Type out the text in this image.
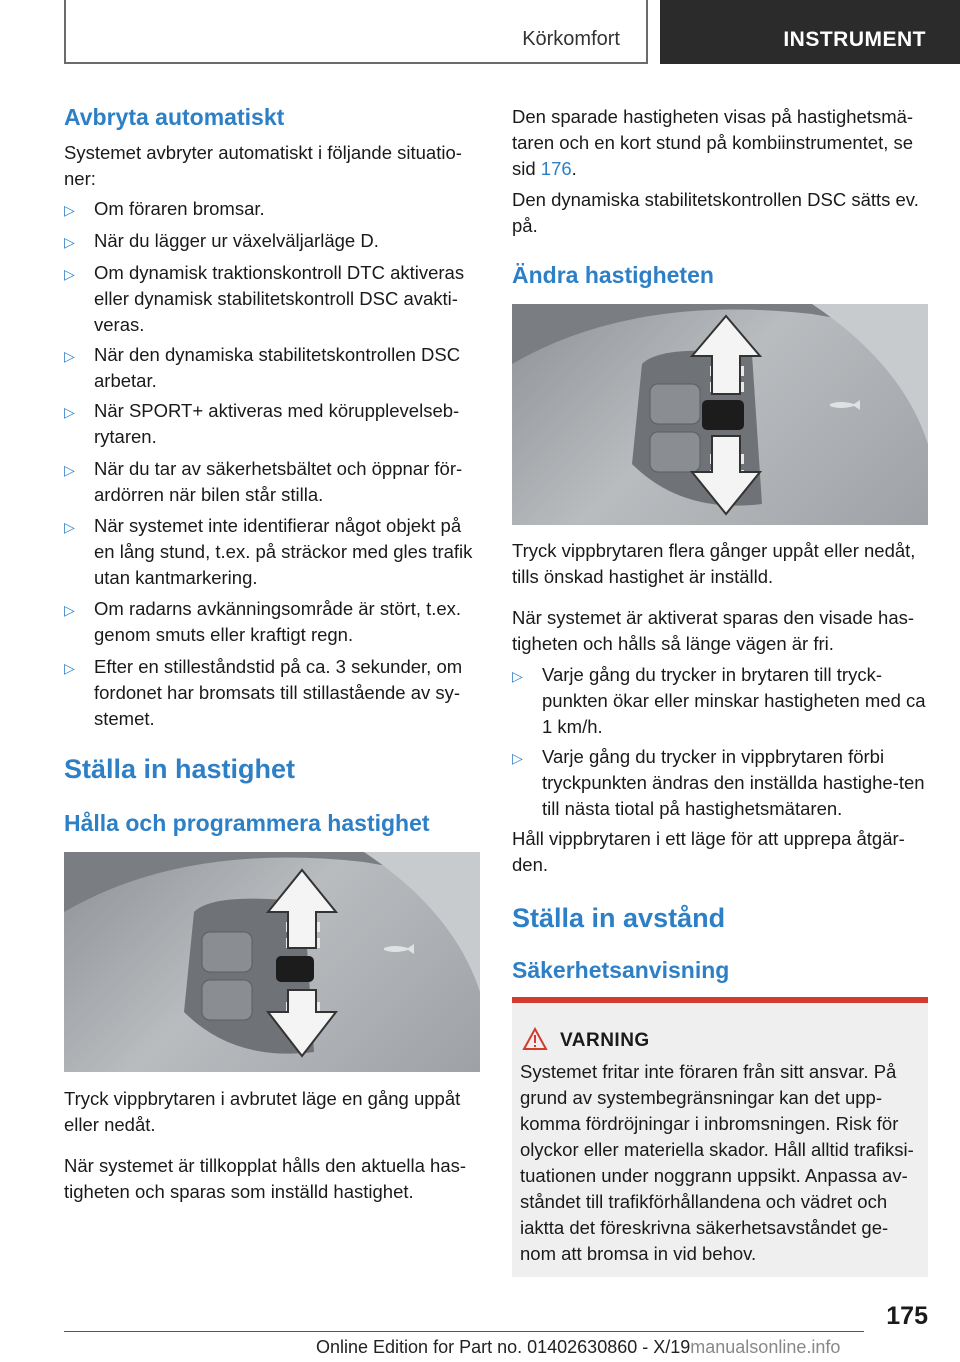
Körkomfort	INSTRUMENT
Avbryta automatiskt
Systemet avbryter automatiskt i följande situatio-ner:
▷ Om föraren bromsar.
▷ När du lägger ur växelväljarläge D.
▷ Om dynamisk traktionskontroll DTC aktiveras eller dynamisk stabilitetskontroll DSC avakti-veras.
▷ När den dynamiska stabilitetskontrollen DSC arbetar.
▷ När SPORT+ aktiveras med körupplevelseb-rytaren.
▷ När du tar av säkerhetsbältet och öppnar för-ardörren när bilen står stilla.
▷ När systemet inte identifierar något objekt på en lång stund, t.ex. på sträckor med gles trafik utan kantmarkering.
▷ Om radarns avkänningsområde är stört, t.ex. genom smuts eller kraftigt regn.
▷ Efter en stilleståndstid på ca. 3 sekunder, om fordonet har bromsats till stillastående av sy-stemet.
Ställa in hastighet
Hålla och programmera hastighet
Tryck vippbrytaren i avbrutet läge en gång uppåt eller nedåt.
När systemet är tillkopplat hålls den aktuella has-tigheten och sparas som inställd hastighet.
Den sparade hastigheten visas på hastighetsmä-taren och en kort stund på kombiinstrumentet, se sid 176.
Den dynamiska stabilitetskontrollen DSC sätts ev. på.
Ändra hastigheten
Tryck vippbrytaren flera gånger uppåt eller nedåt, tills önskad hastighet är inställd.
När systemet är aktiverat sparas den visade has-tigheten och hålls så länge vägen är fri.
▷ Varje gång du trycker in brytaren till tryck-punkten ökar eller minskar hastigheten med ca 1 km/h.
▷ Varje gång du trycker in vippbrytaren förbi tryckpunkten ändras den inställda hastighe-ten till nästa tiotal på hastighetsmätaren.
Håll vippbrytaren i ett läge för att upprepa åtgär-den.
Ställa in avstånd
Säkerhetsanvisning
VARNING
Systemet fritar inte föraren från sitt ansvar. På grund av systembegränsningar kan det upp-komma fördröjningar i inbromsningen. Risk för olyckor eller materiella skador. Håll alltid trafiksi-tuationen under noggrann uppsikt. Anpassa av-ståndet till trafikförhållandena och vädret och iaktta det föreskrivna säkerhetsavståndet ge-nom att bromsa in vid behov.
175
Online Edition for Part no. 01402630860 - X/19manualsonline.info
